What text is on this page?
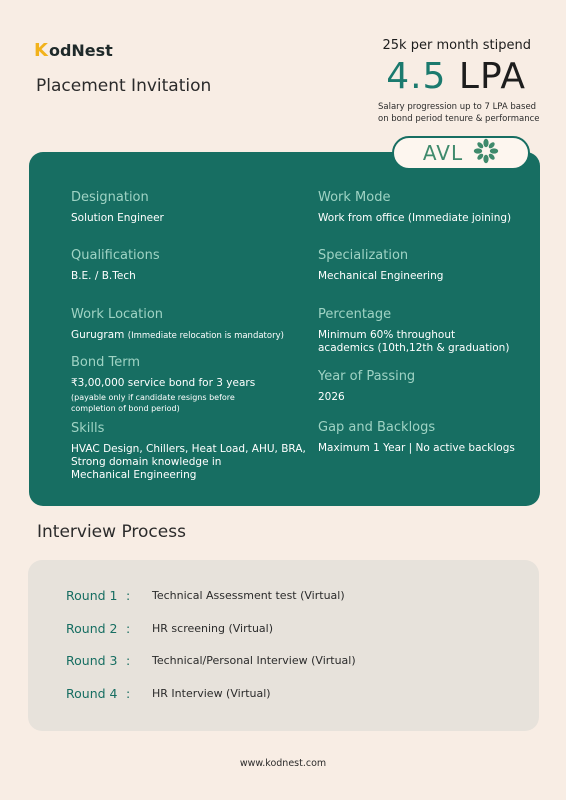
K odNest
Placement Invitation
25k per month stipend
4.5 LPA
Salary progression up to 7 LPA based on bond period tenure & performance
Designation
Solution Engineer
Work Mode
Work from office (Immediate joining)
Qualifications
B.E. / B.Tech
Specialization
Mechanical Engineering
Work Location
Gurugram (Immediate relocation is mandatory)
Percentage
Minimum 60% throughout
academics (10th,12th & graduation)
Bond Term
₹3,00,000 service bond for 3 years
(payable only if candidate resigns before
completion of bond period)
Year of Passing
2026
Skills
HVAC Design, Chillers, Heat Load, AHU, BRA,
Strong domain knowledge in
Mechanical Engineering
Gap and Backlogs
Maximum 1 Year | No active backlogs
AVL
Interview Process
Round 1 :	Technical Assessment test (Virtual)
Round 2 :	HR screening (Virtual)
Round 3 :	Technical/Personal Interview (Virtual)
Round 4 :	HR Interview (Virtual)
www.kodnest.com
